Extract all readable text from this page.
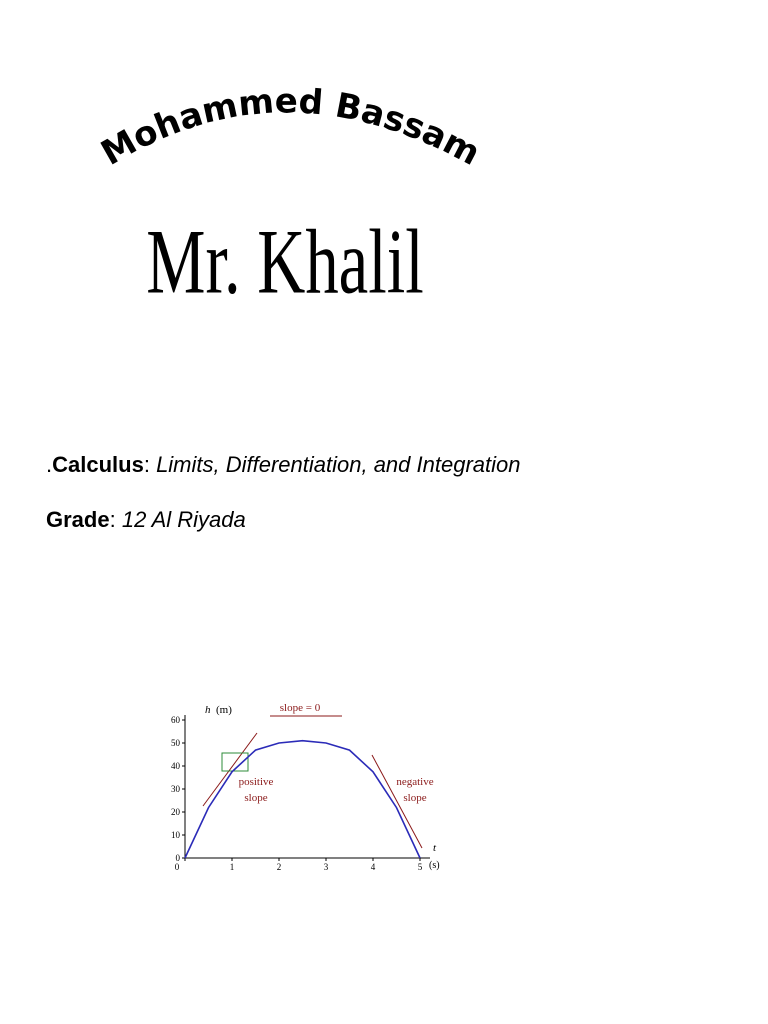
Mohammed Bassam
Mr. Khalil
.Calculus: Limits, Differentiation, and Integration
Grade: 12 Al Riyada
0
10
20
30
40
50
60
0	1	2	3	4	5
h (m)
t
(s)
slope = 0
positive
slope
negative
slope
